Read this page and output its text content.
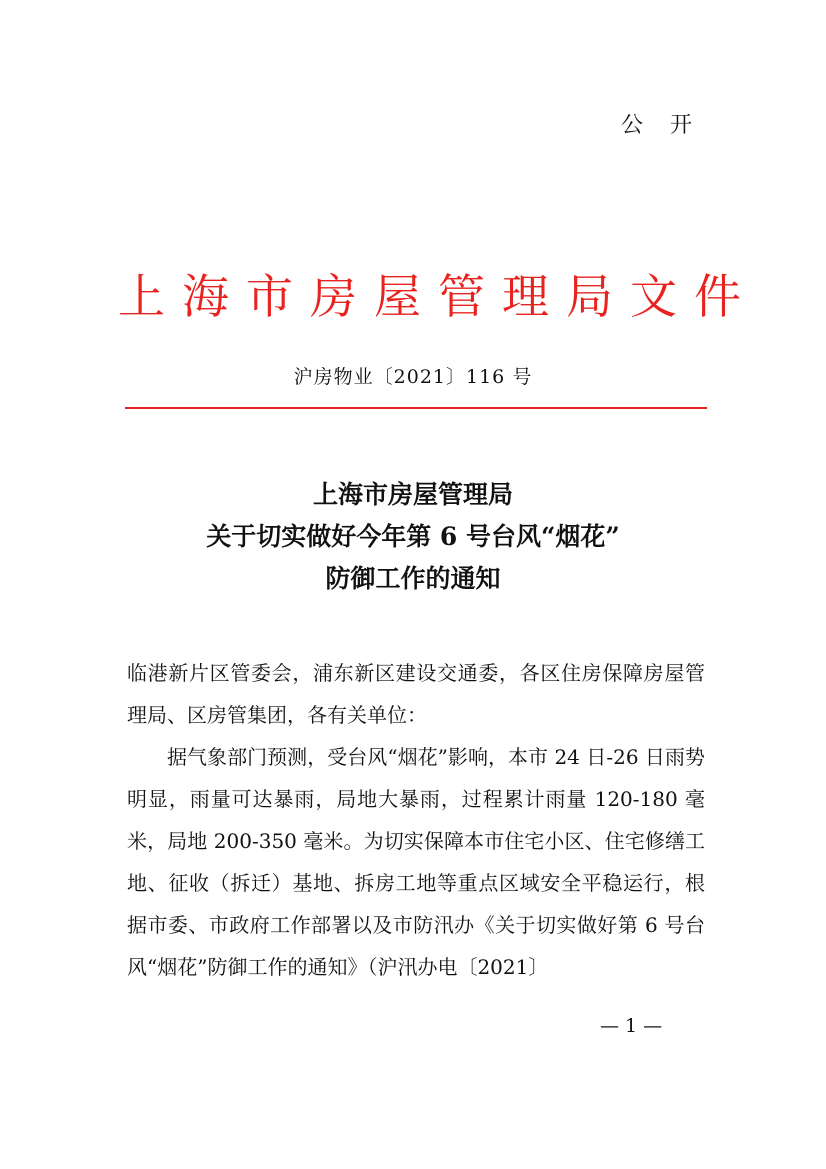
公 开
上海市房屋管理局文件
沪房物业〔2021〕116 号
上海市房屋管理局
关于切实做好今年第 6 号台风“烟花”
防御工作的通知

临港新片区管委会，浦东新区建设交通委，各区住房保障房屋管理局、区房管集团，各有关单位：

据气象部门预测，受台风“烟花”影响，本市 24 日-26 日雨势明显，雨量可达暴雨，局地大暴雨，过程累计雨量 120-180 毫米，局地 200-350 毫米。为切实保障本市住宅小区、住宅修缮工地、征收（拆迁）基地、拆房工地等重点区域安全平稳运行，根据市委、市政府工作部署以及市防汛办《关于切实做好第 6 号台风“烟花”防御工作的通知》（沪汛办电〔2021〕

— 1 —
